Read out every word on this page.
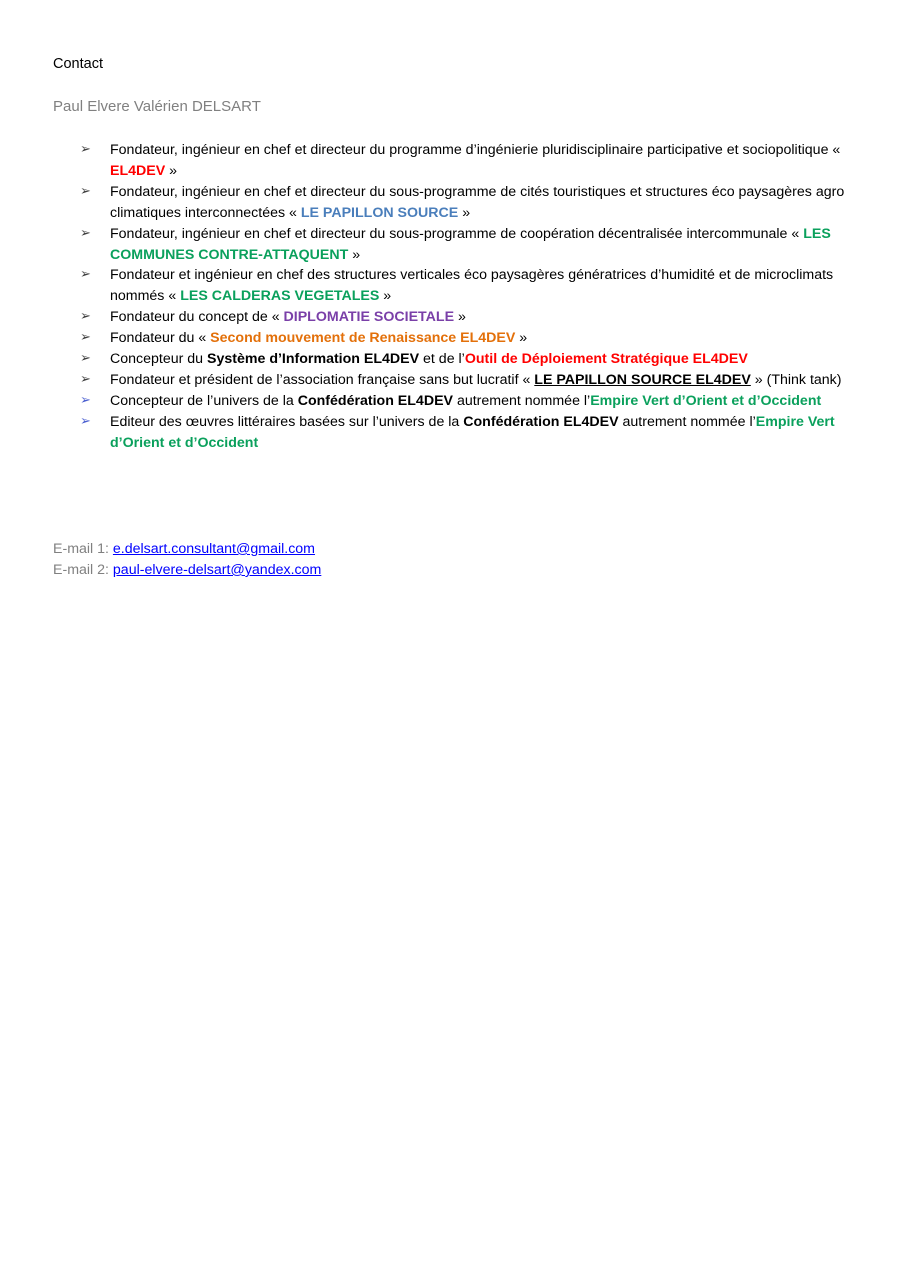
Contact
Paul Elvere Valérien DELSART
➢	Fondateur, ingénieur en chef et directeur du programme d’ingénierie pluridisciplinaire participative et sociopolitique « EL4DEV »
➢	Fondateur, ingénieur en chef et directeur du sous-programme de cités touristiques et structures éco paysagères agro climatiques interconnectées « LE PAPILLON SOURCE »
➢	Fondateur, ingénieur en chef et directeur du sous-programme de coopération décentralisée intercommunale « LES COMMUNES CONTRE-ATTAQUENT »
➢	Fondateur et ingénieur en chef des structures verticales éco paysagères génératrices d’humidité et de microclimats nommés « LES CALDERAS VEGETALES »
➢	Fondateur du concept de « DIPLOMATIE SOCIETALE »
➢	Fondateur du « Second mouvement de Renaissance EL4DEV »
➢	Concepteur du Système d’Information EL4DEV et de l’Outil de Déploiement Stratégique EL4DEV
➢	Fondateur et président de l’association française sans but lucratif « LE PAPILLON SOURCE EL4DEV » (Think tank)
➢	Concepteur de l’univers de la Confédération EL4DEV autrement nommée l’Empire Vert d’Orient et d’Occident
➢	Editeur des œuvres littéraires basées sur l’univers de la Confédération EL4DEV autrement nommée l’Empire Vert d’Orient et d’Occident
E-mail 1: e.delsart.consultant@gmail.com
E-mail 2: paul-elvere-delsart@yandex.com
